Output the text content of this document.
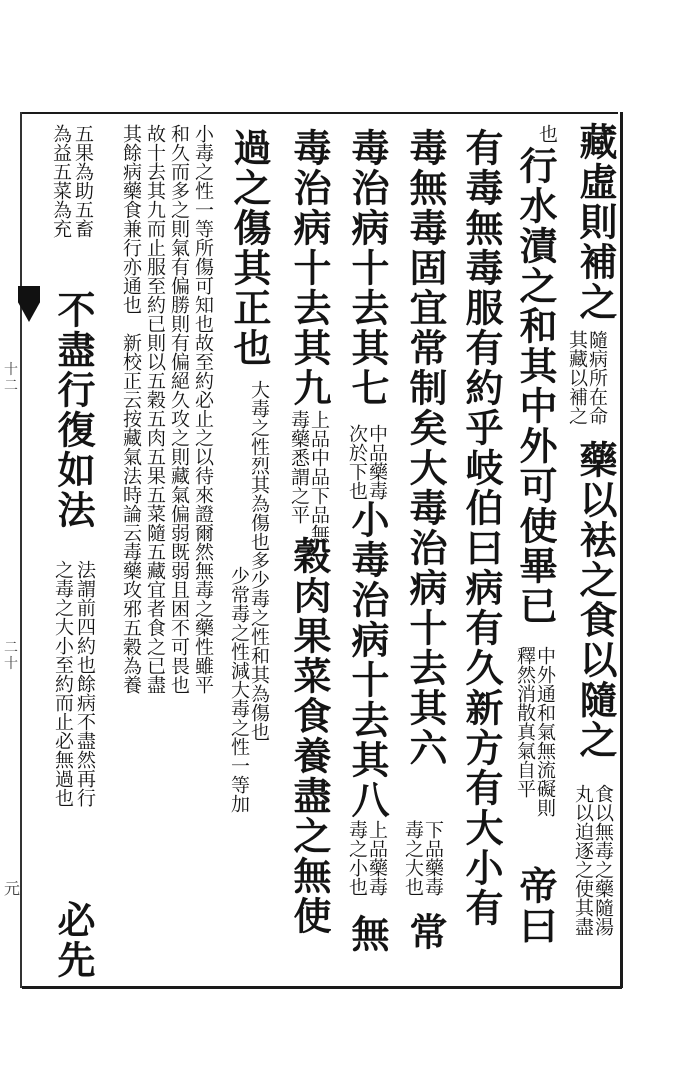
十二
二十
元
藏虛則補之
隨病所在命
其藏以補之
藥以袪之食以隨之
食以無毒之藥隨湯
丸以迫逐之使其盡
也
行水漬之和其中外可使畢已
中外通和氣無流礙則
釋然消散真氣自平
帝曰
有毒無毒服有約乎岐伯曰病有久新方有大小有
毒無毒固宜常制矣大毒治病十去其六
下品藥毒
毒之大也
常
毒治病十去其七
中品藥毒
次於下也
小毒治病十去其八
上品藥毒
毒之小也
無
毒治病十去其九
上品中品下品無
毒藥悉謂之平
穀肉果菜食養盡之無使
過之傷其正也
大毒之性烈其為傷也多少毒之性和其為傷也
少常毒之性減大毒之性一等加
小毒之性一等所傷可知也故至約必止之以待來證爾然無毒之藥性雖平
和久而多之則氣有偏勝則有偏絕久攻之則藏氣偏弱既弱且困不可畏也
故十去其九而止服至約已則以五穀五肉五果五菜隨五藏宜者食之已盡
其餘病藥食兼行亦通也　新校正云按藏氣法時論云毒藥攻邪五穀為養
五果為助五畜
為益五菜為充
不盡行復如法
法謂前四約也餘病不盡然再行
之毒之大小至約而止必無過也
必先
